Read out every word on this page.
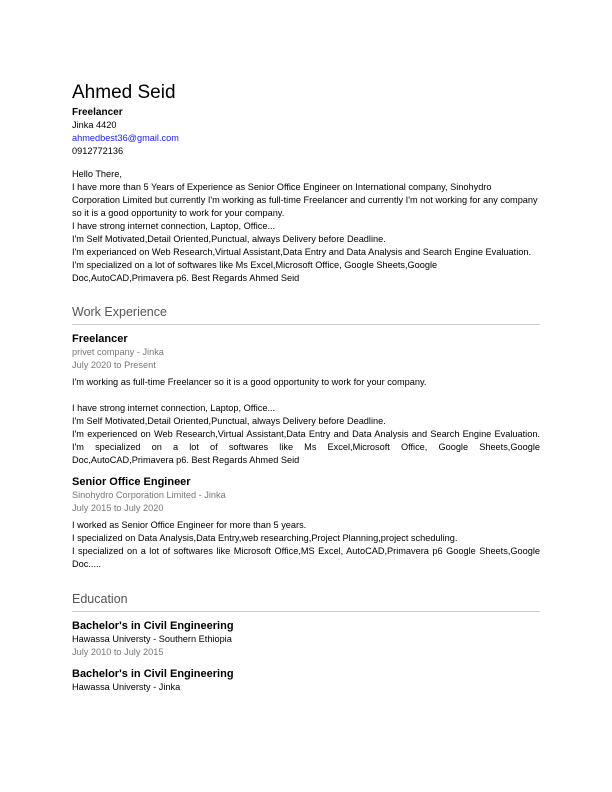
Ahmed Seid
Freelancer
Jinka 4420
ahmedbest36@gmail.com
0912772136
Hello There,
I have more than 5 Years of Experience as Senior Office Engineer on International company, Sinohydro Corporation Limited but currently I'm working as full-time Freelancer and currently I'm not working for any company so it is a good opportunity to work for your company.
I have strong internet connection, Laptop, Office...
I'm Self Motivated,Detail Oriented,Punctual, always Delivery before Deadline.
I'm experianced on Web Research,Virtual Assistant,Data Entry and Data Analysis and Search Engine Evaluation. I'm specialized on a lot of softwares like Ms Excel,Microsoft Office, Google Sheets,Google Doc,AutoCAD,Primavera p6. Best Regards Ahmed Seid
Work Experience
Freelancer
privet company - Jinka
July 2020 to Present
I'm working as full-time Freelancer so it is a good opportunity to work for your company.

I have strong internet connection, Laptop, Office...
I'm Self Motivated,Detail Oriented,Punctual, always Delivery before Deadline.
I'm experienced on Web Research,Virtual Assistant,Data Entry and Data Analysis and Search Engine Evaluation. I'm specialized on a lot of softwares like Ms Excel,Microsoft Office, Google Sheets,Google Doc,AutoCAD,Primavera p6. Best Regards Ahmed Seid
Senior Office Engineer
Sinohydro Corporation Limited - Jinka
July 2015 to July 2020
I worked as Senior Office Engineer for more than 5 years.
I specialized on Data Analysis,Data Entry,web researching,Project Planning,project scheduling.
I specialized on a lot of softwares like Microsoft Office,MS Excel, AutoCAD,Primavera p6 Google Sheets,Google Doc.....
Education
Bachelor's in Civil Engineering
Hawassa Universty - Southern Ethiopia
July 2010 to July 2015
Bachelor's in Civil Engineering
Hawassa Universty - Jinka
